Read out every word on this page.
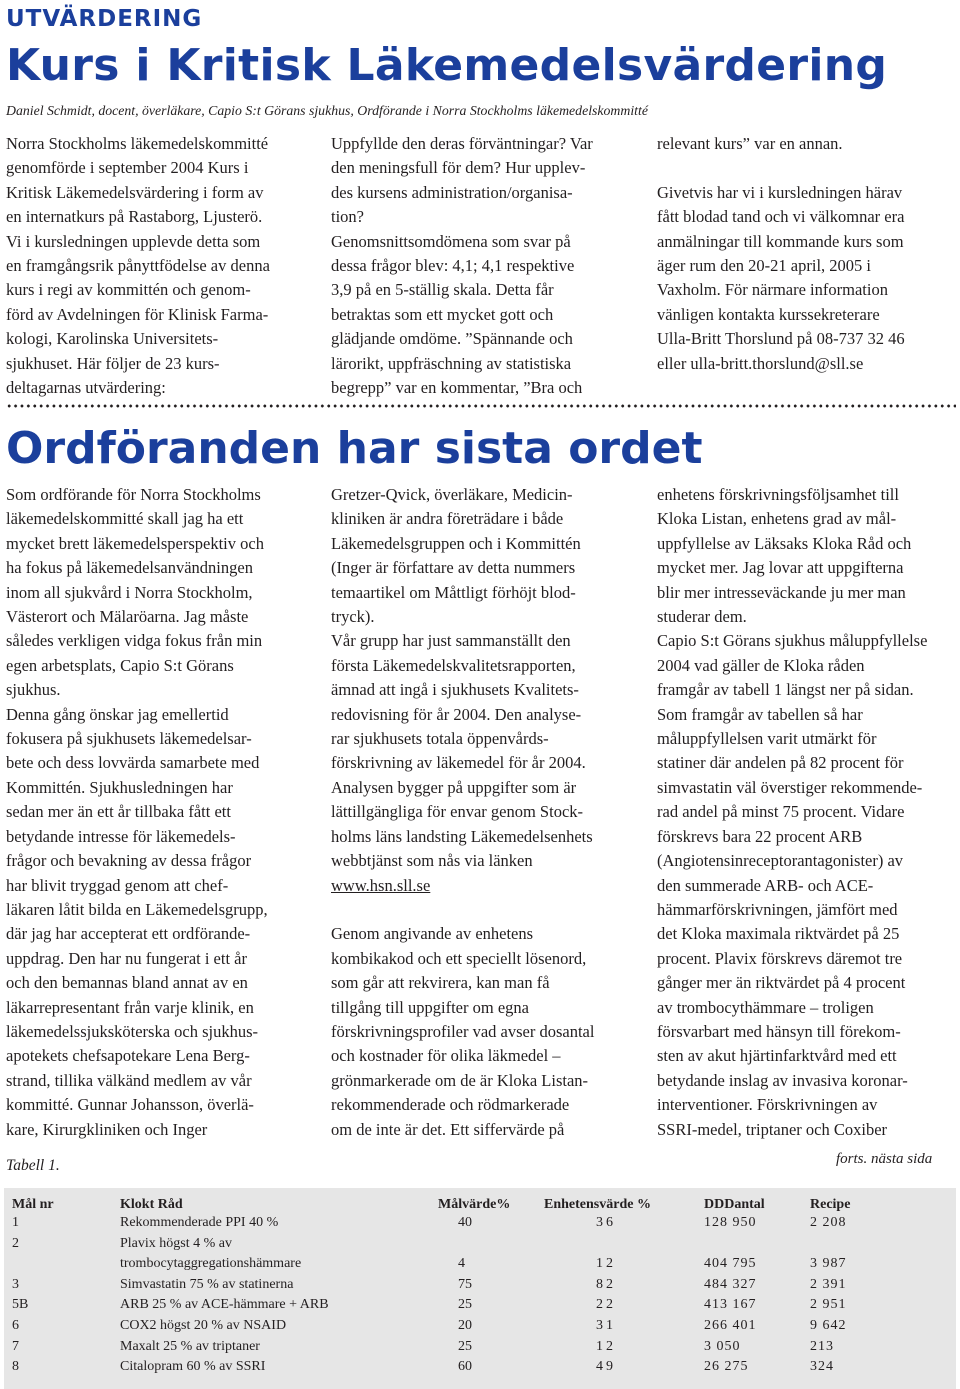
UTVÄRDERING
Kurs i Kritisk Läkemedelsvärdering
Daniel Schmidt, docent, överläkare, Capio S:t Görans sjukhus, Ordförande i Norra Stockholms läkemedelskommitté

Norra Stockholms läkemedelskommitté

genomförde i september 2004 Kurs i

Kritisk Läkemedelsvärdering i form av

en internatkurs på Rastaborg, Ljusterö.

Vi i kursledningen upplevde detta som

en framgångsrik pånyttfödelse av denna

kurs i regi av kommittén och genom-

förd av Avdelningen för Klinisk Farma-

kologi, Karolinska Universitets-

sjukhuset. Här följer de 23 kurs-

deltagarnas utvärdering:

Uppfyllde den deras förväntningar? Var

den meningsfull för dem? Hur upplev-

des kursens administration/organisa-

tion?

Genomsnittsomdömena som svar på

dessa frågor blev: 4,1; 4,1 respektive

3,9 på en 5-ställig skala. Detta får

betraktas som ett mycket gott och

glädjande omdöme. ”Spännande och

lärorikt, uppfräschning av statistiska

begrepp” var en kommentar, ”Bra och

relevant kurs” var en annan.

Givetvis har vi i kursledningen härav

fått blodad tand och vi välkomnar era

anmälningar till kommande kurs som

äger rum den 20-21 april, 2005 i

Vaxholm. För närmare information

vänligen kontakta kurssekreterare

Ulla-Britt Thorslund på 08-737 32 46

eller ulla-britt.thorslund@sll.se

Ordföranden har sista ordet

Som ordförande för Norra Stockholms

läkemedelskommitté skall jag ha ett

mycket brett läkemedelsperspektiv och

ha fokus på läkemedelsanvändningen

inom all sjukvård i Norra Stockholm,

Västerort och Mälaröarna. Jag måste

således verkligen vidga fokus från min

egen arbetsplats, Capio S:t Görans

sjukhus.

Denna gång önskar jag emellertid

fokusera på sjukhusets läkemedelsar-

bete och dess lovvärda samarbete med

Kommittén. Sjukhusledningen har

sedan mer än ett år tillbaka fått ett

betydande intresse för läkemedels-

frågor och bevakning av dessa frågor

har blivit tryggad genom att chef-

läkaren låtit bilda en Läkemedelsgrupp,

där jag har accepterat ett ordförande-

uppdrag. Den har nu fungerat i ett år

och den bemannas bland annat av en

läkarrepresentant från varje klinik, en

läkemedelssjuksköterska och sjukhus-

apotekets chefsapotekare Lena Berg-

strand, tillika välkänd medlem av vår

kommitté. Gunnar Johansson, överlä-

kare, Kirurgkliniken och Inger

Gretzer-Qvick, överläkare, Medicin-

kliniken är andra företrädare i både

Läkemedelsgruppen och i Kommittén

(Inger är författare av detta nummers

temaartikel om Måttligt förhöjt blod-

tryck).

Vår grupp har just sammanställt den

första Läkemedelskvalitetsrapporten,

ämnad att ingå i sjukhusets Kvalitets-

redovisning för år 2004. Den analyse-

rar sjukhusets totala öppenvårds-

förskrivning av läkemedel för år 2004.

Analysen bygger på uppgifter som är

lättillgängliga för envar genom Stock-

holms läns landsting Läkemedelsenhets

webbtjänst som nås via länken

www.hsn.sll.se

Genom angivande av enhetens

kombikakod och ett speciellt lösenord,

som går att rekvirera, kan man få

tillgång till uppgifter om egna

förskrivningsprofiler vad avser dosantal

och kostnader för olika läkmedel –

grönmarkerade om de är Kloka Listan-

rekommenderade och rödmarkerade

om de inte är det. Ett siffervärde på

enhetens förskrivningsföljsamhet till

Kloka Listan, enhetens grad av mål-

uppfyllelse av Läksaks Kloka Råd och

mycket mer. Jag lovar att uppgifterna

blir mer intresseväckande ju mer man

studerar dem.

Capio S:t Görans sjukhus måluppfyllelse

2004 vad gäller de Kloka råden

framgår av tabell 1 längst ner på sidan.

Som framgår av tabellen så har

måluppfyllelsen varit utmärkt för

statiner där andelen på 82 procent för

simvastatin väl överstiger rekommende-

rad andel på minst 75 procent. Vidare

förskrevs bara 22 procent ARB

(Angiotensinreceptorantagonister) av

den summerade ARB- och ACE-

hämmarförskrivningen, jämfört med

det Kloka maximala riktvärdet på 25

procent. Plavix förskrevs däremot tre

gånger mer än riktvärdet på 4 procent

av trombocythämmare – troligen

försvarbart med hänsyn till förekom-

sten av akut hjärtinfarktvård med ett

betydande inslag av invasiva koronar-

interventioner. Förskrivningen av

SSRI-medel, triptaner och Coxiber

forts. nästa sida
Tabell 1.
Mål nr	Klokt Råd	Målvärde%	Enhetensvärde %	DDDantal	Recipe
1	Rekommenderade PPI 40 %	40	36	128 950	2 208
2	Plavix högst 4 % av				
	trombocytaggregationshämmare	4	12	404 795	3 987
3	Simvastatin 75 % av statinerna	75	82	484 327	2 391
5B	ARB 25 % av ACE-hämmare + ARB	25	22	413 167	2 951
6	COX2 högst 20 % av NSAID	20	31	266 401	9 642
7	Maxalt 25 % av triptaner	25	12	3 050	213
8	Citalopram 60 % av SSRI	60	49	26 275	324
